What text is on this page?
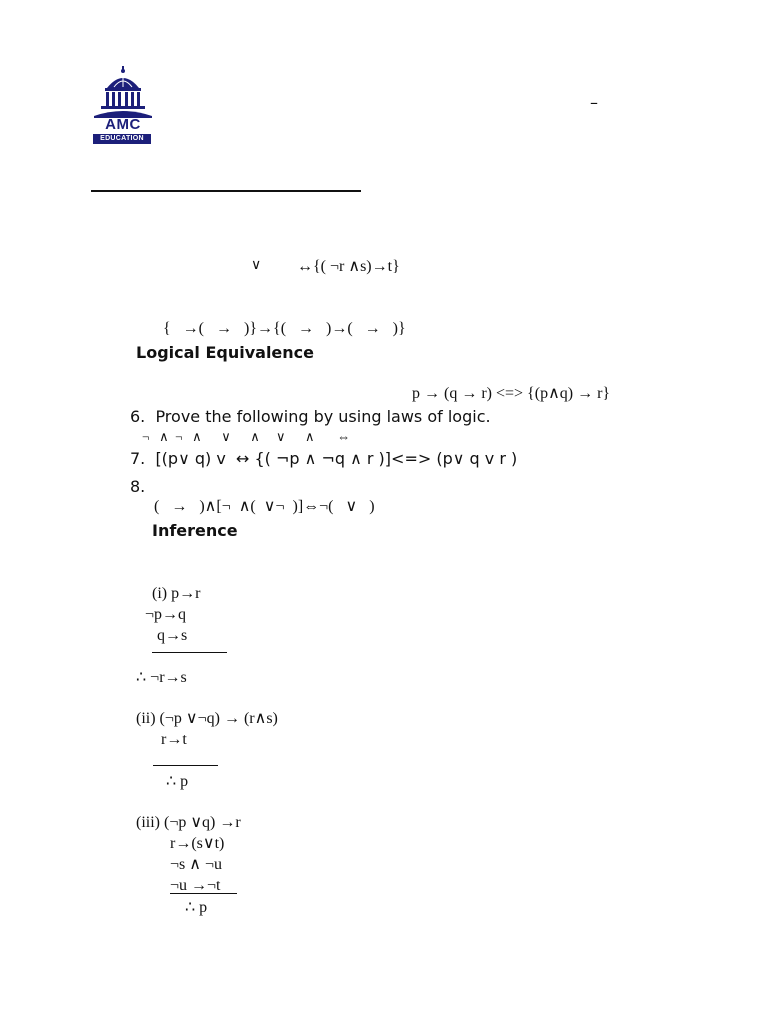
AMC
EDUCATION
–
∨ ↔{( ¬r ∧s)→t}
{   →(   →   )}→{(   →   )→(   →   )}
Logical Equivalence
p → (q → r) <=> {(p∧q) → r}
6.  Prove the following by using laws of logic.
¬   ∧  ¬   ∧      ∨      ∧     ∨      ∧       ⇔
7.  [(p∨ q) v  ↔ {( ¬p ∧ ¬q ∧ r )]<=> (p∨ q v r )
8.
(   →   )∧[¬  ∧(  ∨¬  )]⇔¬(   ∨   )
Inference
(i) p→r
¬p→q
q→s
∴ ¬r→s
(ii) (¬p ∨¬q) → (r∧s)
r→t
∴ p
(iii) (¬p ∨q) →r
r→(s∨t)
¬s ∧ ¬u
¬u →¬t
∴ p
